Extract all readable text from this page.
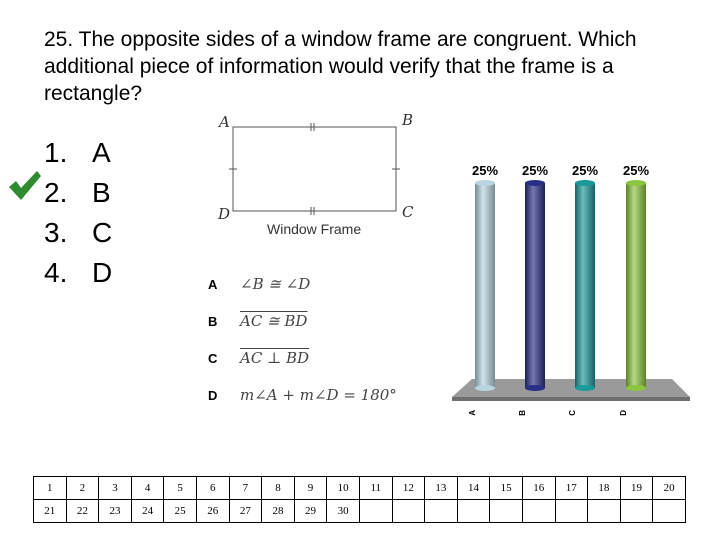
25. The opposite sides of a window frame are congruent. Which additional piece of information would verify that the frame is a rectangle?
1. A
2. B
3. C
4. D
A	B
C
D
Window Frame
A ∠B ≅ ∠D
B AC ≅ BD
C AC ⊥ BD
D m∠A + m∠D = 180°
25%
A
25%
B
25%
C
25%
D
1	2	3	4	5	6	7	8	9	10	11	12	13	14	15	16	17	18	19	20
21	22	23	24	25	26	27	28	29	30										
